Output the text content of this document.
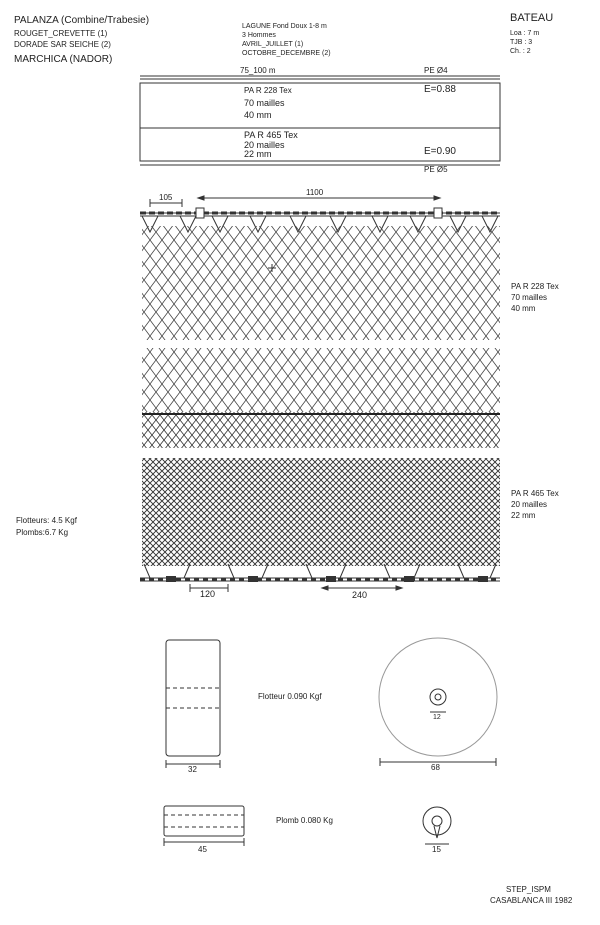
PALANZA (Combine/Trabesie)
ROUGET_CREVETTE (1)
DORADE SAR SEICHE (2)
MARCHICA (NADOR)
LAGUNE Fond Doux 1-8 m
3 Hommes
AVRIL_JUILLET (1)
OCTOBRE_DECEMBRE (2)
BATEAU
Loa : 7 m
TJB : 3
Ch. : 2
75_100 m	PE Ø4
PA R 228 Tex
70 mailles
40 mm
E=0.88
PA R 465 Tex
20 mailles
22 mm	E=0.90
PE Ø5
105
1100
PA R 228 Tex
70 mailles
40 mm
PA R 465 Tex
20 mailles
22 mm
Flotteurs: 4.5 Kgf
Plombs:6.7 Kg
120	240
Flotteur 0.090 Kgf
32	68
12
Plomb 0.080 Kg
45	15
STEP_ISPM
CASABLANCA III 1982
